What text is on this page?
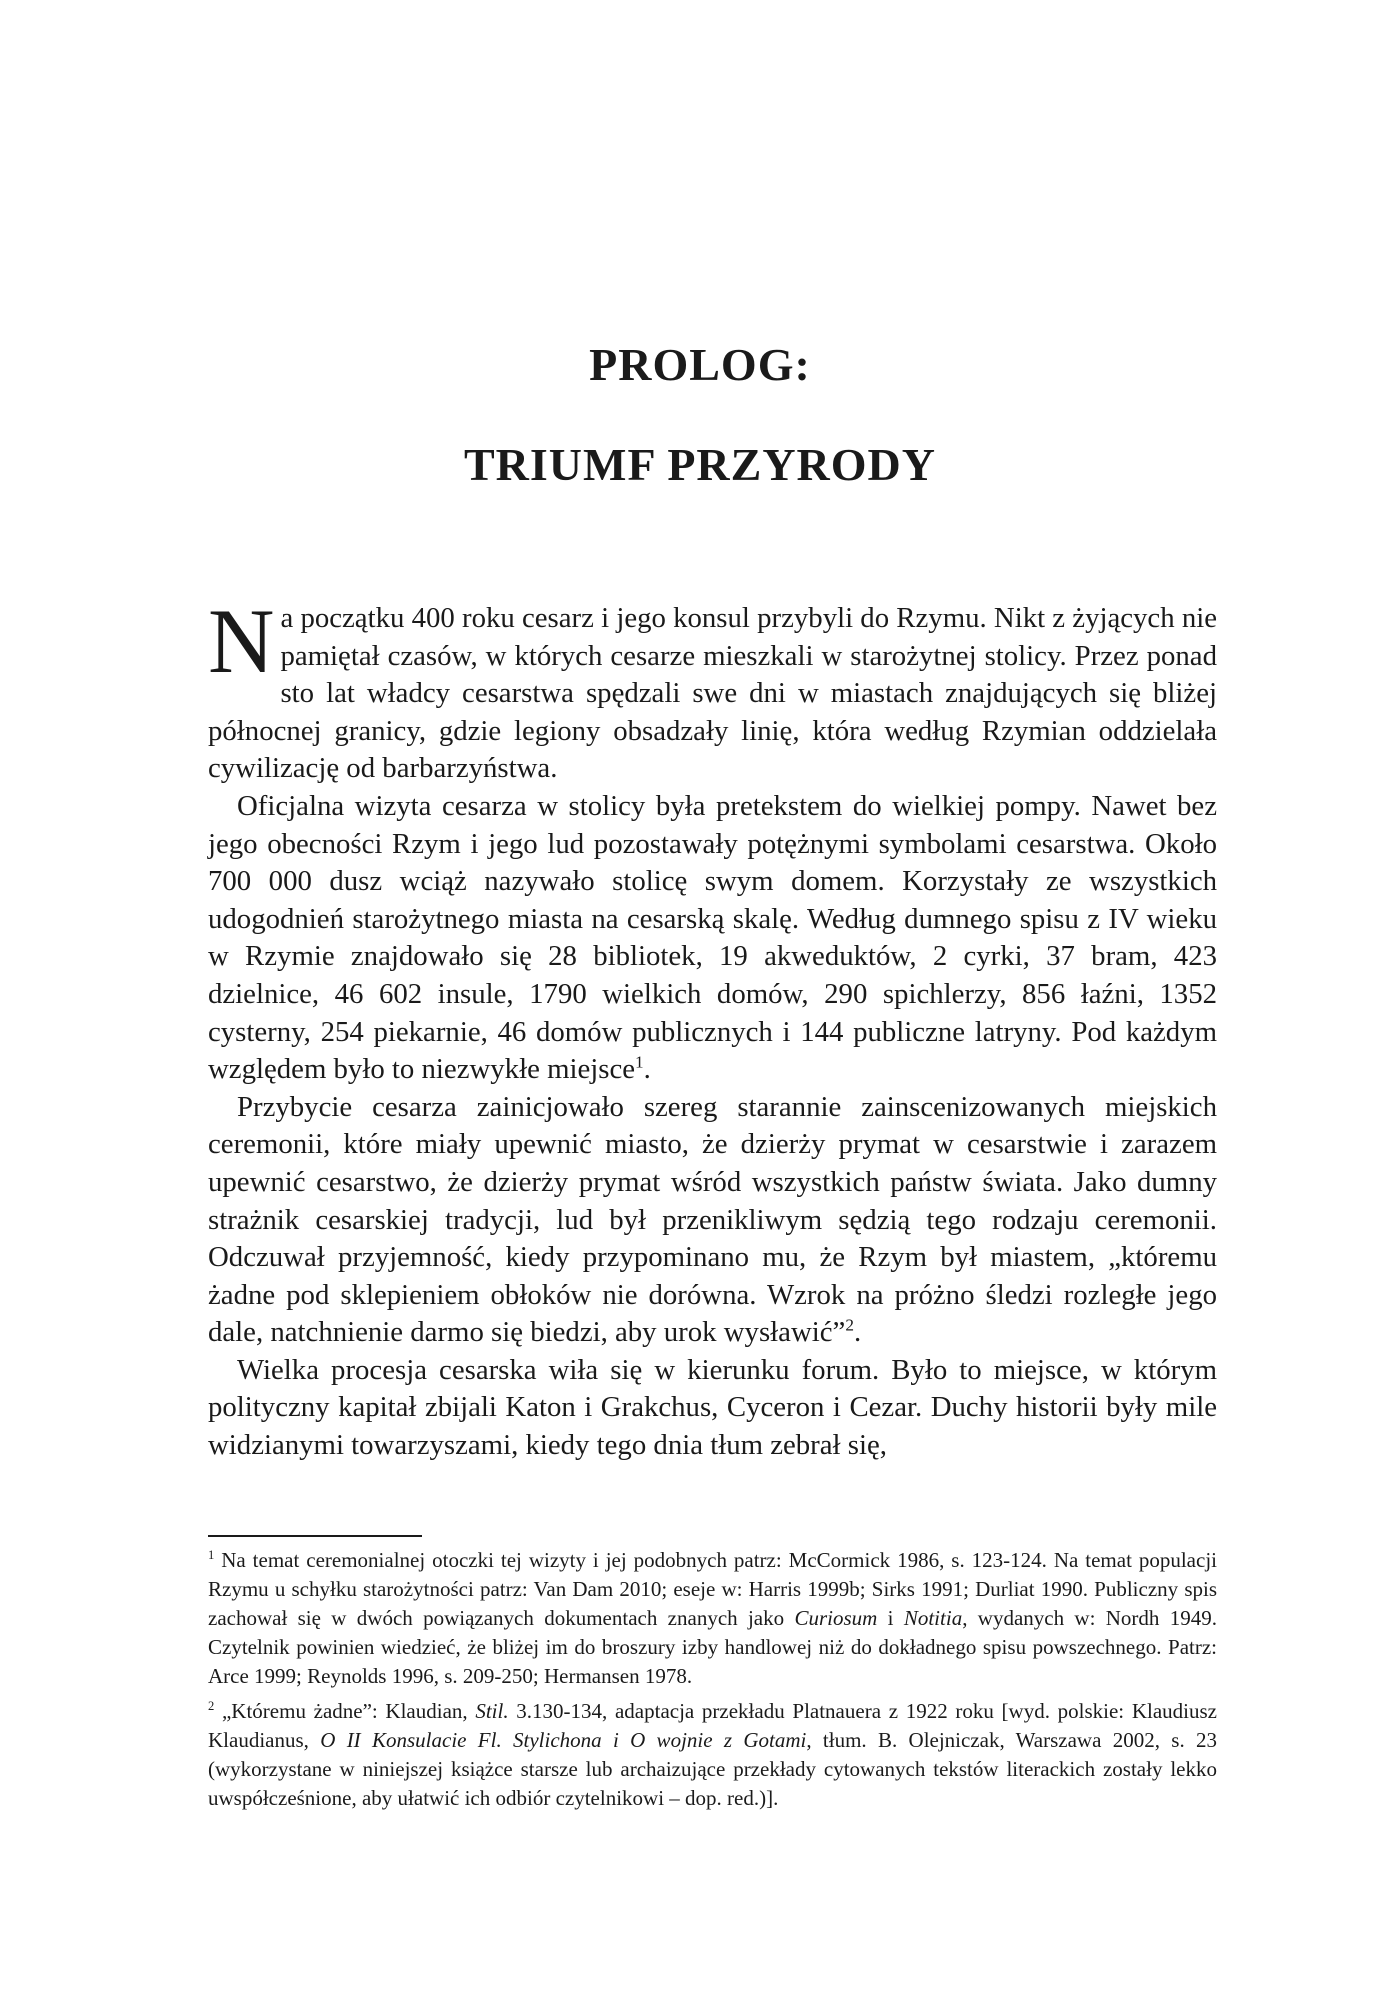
PROLOG:
TRIUMF PRZYRODY

Na początku 400 roku cesarz i jego konsul przybyli do Rzymu. Nikt z żyjących nie pamiętał czasów, w których cesarze mieszkali w starożytnej stolicy. Przez ponad sto lat władcy cesarstwa spędzali swe dni w miastach znajdujących się bliżej północnej granicy, gdzie legiony obsadzały linię, która według Rzymian oddzielała cywilizację od barbarzyństwa.

Oficjalna wizyta cesarza w stolicy była pretekstem do wielkiej pompy. Nawet bez jego obecności Rzym i jego lud pozostawały potężnymi symbolami cesarstwa. Około 700 000 dusz wciąż nazywało stolicę swym domem. Korzystały ze wszystkich udogodnień starożytnego miasta na cesarską skalę. Według dumnego spisu z IV wieku w Rzymie znajdowało się 28 bibliotek, 19 akweduktów, 2 cyrki, 37 bram, 423 dzielnice, 46 602 insule, 1790 wielkich domów, 290 spichlerzy, 856 łaźni, 1352 cysterny, 254 piekarnie, 46 domów publicznych i 144 publiczne latryny. Pod każdym względem było to niezwykłe miejsce$^1$.

Przybycie cesarza zainicjowało szereg starannie zainscenizowanych miejskich ceremonii, które miały upewnić miasto, że dzierży prymat w cesarstwie i zarazem upewnić cesarstwo, że dzierży prymat wśród wszystkich państw świata. Jako dumny strażnik cesarskiej tradycji, lud był przenikliwym sędzią tego rodzaju ceremonii. Odczuwał przyjemność, kiedy przypominano mu, że Rzym był miastem, „któremu żadne pod sklepieniem obłoków nie dorówna. Wzrok na próżno śledzi rozległe jego dale, natchnienie darmo się biedzi, aby urok wysławić”$^2$.

Wielka procesja cesarska wiła się w kierunku forum. Było to miejsce, w którym polityczny kapitał zbijali Katon i Grakchus, Cyceron i Cezar. Duchy historii były mile widzianymi towarzyszami, kiedy tego dnia tłum zebrał się,

$^1$ Na temat ceremonialnej otoczki tej wizyty i jej podobnych patrz: McCormick 1986, s. 123-124. Na temat populacji Rzymu u schyłku starożytności patrz: Van Dam 2010; eseje w: Harris 1999b; Sirks 1991; Durliat 1990. Publiczny spis zachował się w dwóch powiązanych dokumentach znanych jako Curiosum i Notitia, wydanych w: Nordh 1949. Czytelnik powinien wiedzieć, że bliżej im do broszury izby handlowej niż do dokładnego spisu powszechnego. Patrz: Arce 1999; Reynolds 1996, s. 209-250; Hermansen 1978.

$^2$ „Któremu żadne”: Klaudian, Stil. 3.130-134, adaptacja przekładu Platnauera z 1922 roku [wyd. polskie: Klaudiusz Klaudianus, O II Konsulacie Fl. Stylichona i O wojnie z Gotami, tłum. B. Olejniczak, Warszawa 2002, s. 23 (wykorzystane w niniejszej książce starsze lub archaizujące przekłady cytowanych tekstów literackich zostały lekko uwspółcześnione, aby ułatwić ich odbiór czytelnikowi – dop. red.)].
